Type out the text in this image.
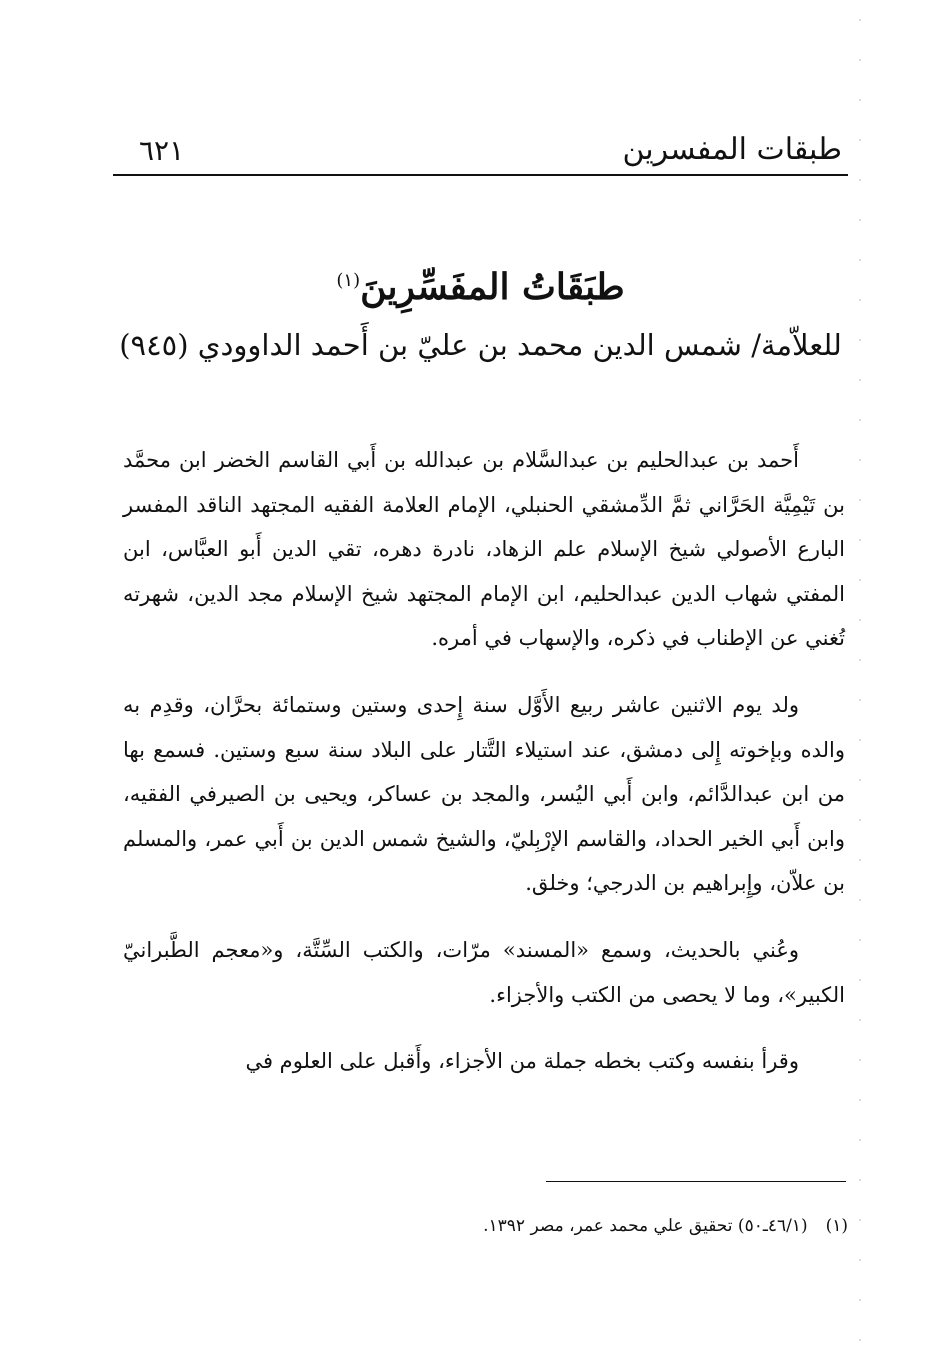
طبقات المفسرين
٦٢١
طبَقَاتُ المفَسِّرِينَ$^{(١)}$
للعلاّمة/ شمس الدين محمد بن عليّ بن أَحمد الداوودي (٩٤٥)

أَحمد بن عبدالحليم بن عبدالسَّلام بن عبدالله بن أَبي القاسم الخضر ابن محمَّد بن تَيْمِيَّة الحَرَّاني ثمَّ الدِّمشقي الحنبلي، الإمام العلامة الفقيه المجتهد الناقد المفسر البارع الأصولي شيخ الإسلام علم الزهاد، نادرة دهره، تقي الدين أَبو العبَّاس، ابن المفتي شهاب الدين عبدالحليم، ابن الإمام المجتهد شيخ الإسلام مجد الدين، شهرته تُغني عن الإطناب في ذكره، والإسهاب في أمره.

ولد يوم الاثنين عاشر ربيع الأَوَّل سنة إِحدى وستين وستمائة بحرَّان، وقدِم به والده وبإخوته إِلى دمشق، عند استيلاء التَّتار على البلاد سنة سبع وستين. فسمع بها من ابن عبدالدَّائم، وابن أَبي اليُسر، والمجد بن عساكر، ويحيى بن الصيرفي الفقيه، وابن أَبي الخير الحداد، والقاسم الإرْبِليّ، والشيخ شمس الدين بن أَبي عمر، والمسلم بن علاّن، وإِبراهيم بن الدرجي؛ وخلق.

وعُني بالحديث، وسمع «المسند» مرّات، والكتب السِّتَّة، و«معجم الطَّبرانيّ الكبير»، وما لا يحصى من الكتب والأجزاء.

وقرأ بنفسه وكتب بخطه جملة من الأجزاء، وأَقبل على العلوم في

(١)(٤٦/١ـ٥٠) تحقيق علي محمد عمر، مصر ١٣٩٢.
